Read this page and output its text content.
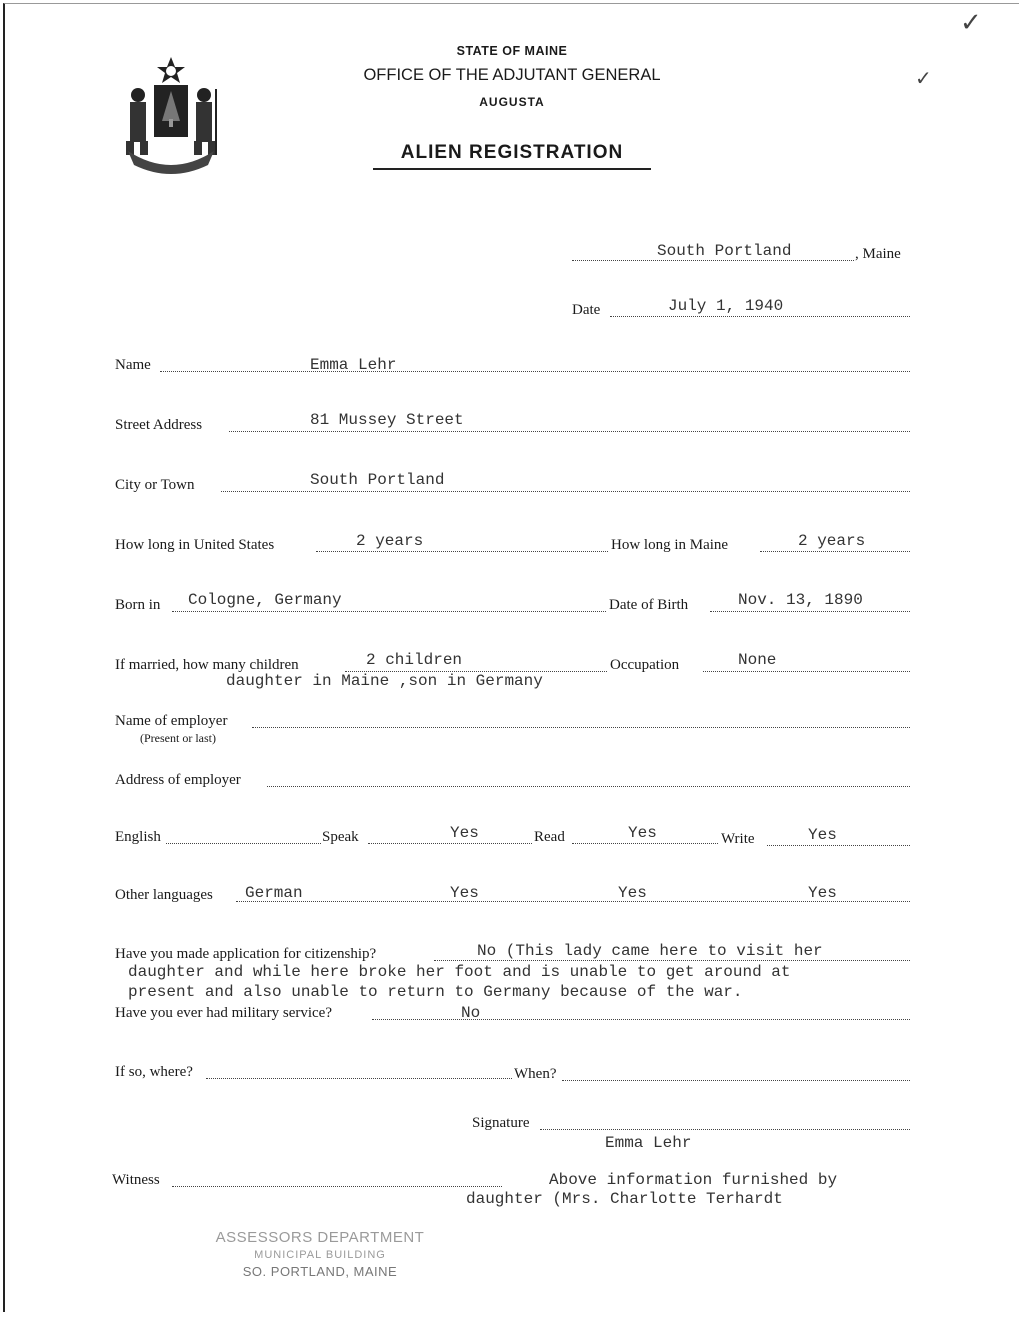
✓
✓
MAINE
STATE OF MAINE
OFFICE OF THE ADJUTANT GENERAL
AUGUSTA
ALIEN REGISTRATION
South Portland	, Maine
Date	July 1, 1940
Name	Emma Lehr
Street Address	81 Mussey Street
City or Town	South Portland
How long in United States	2 years	How long in Maine	2 years
Born in Cologne, Germany	Date of Birth	Nov. 13, 1890
If married, how many children	2 children	Occupation	None
daughter in Maine ,son in Germany
Name of employer
(Present or last)
Address of employer
English	Speak	Yes	Read	Yes	Write	Yes
Other languages German	Yes	Yes	Yes
Have you made application for citizenship?	No (This lady came here to visit her
daughter and while here broke her foot and is unable to get around at
present and also unable to return to Germany because of the war.
Have you ever had military service?	No
If so, where?	When?
Signature
Emma Lehr
Witness	Above information furnished by
daughter (Mrs. Charlotte Terhardt
ASSESSORS DEPARTMENT
MUNICIPAL BUILDING
SO. PORTLAND, MAINE
